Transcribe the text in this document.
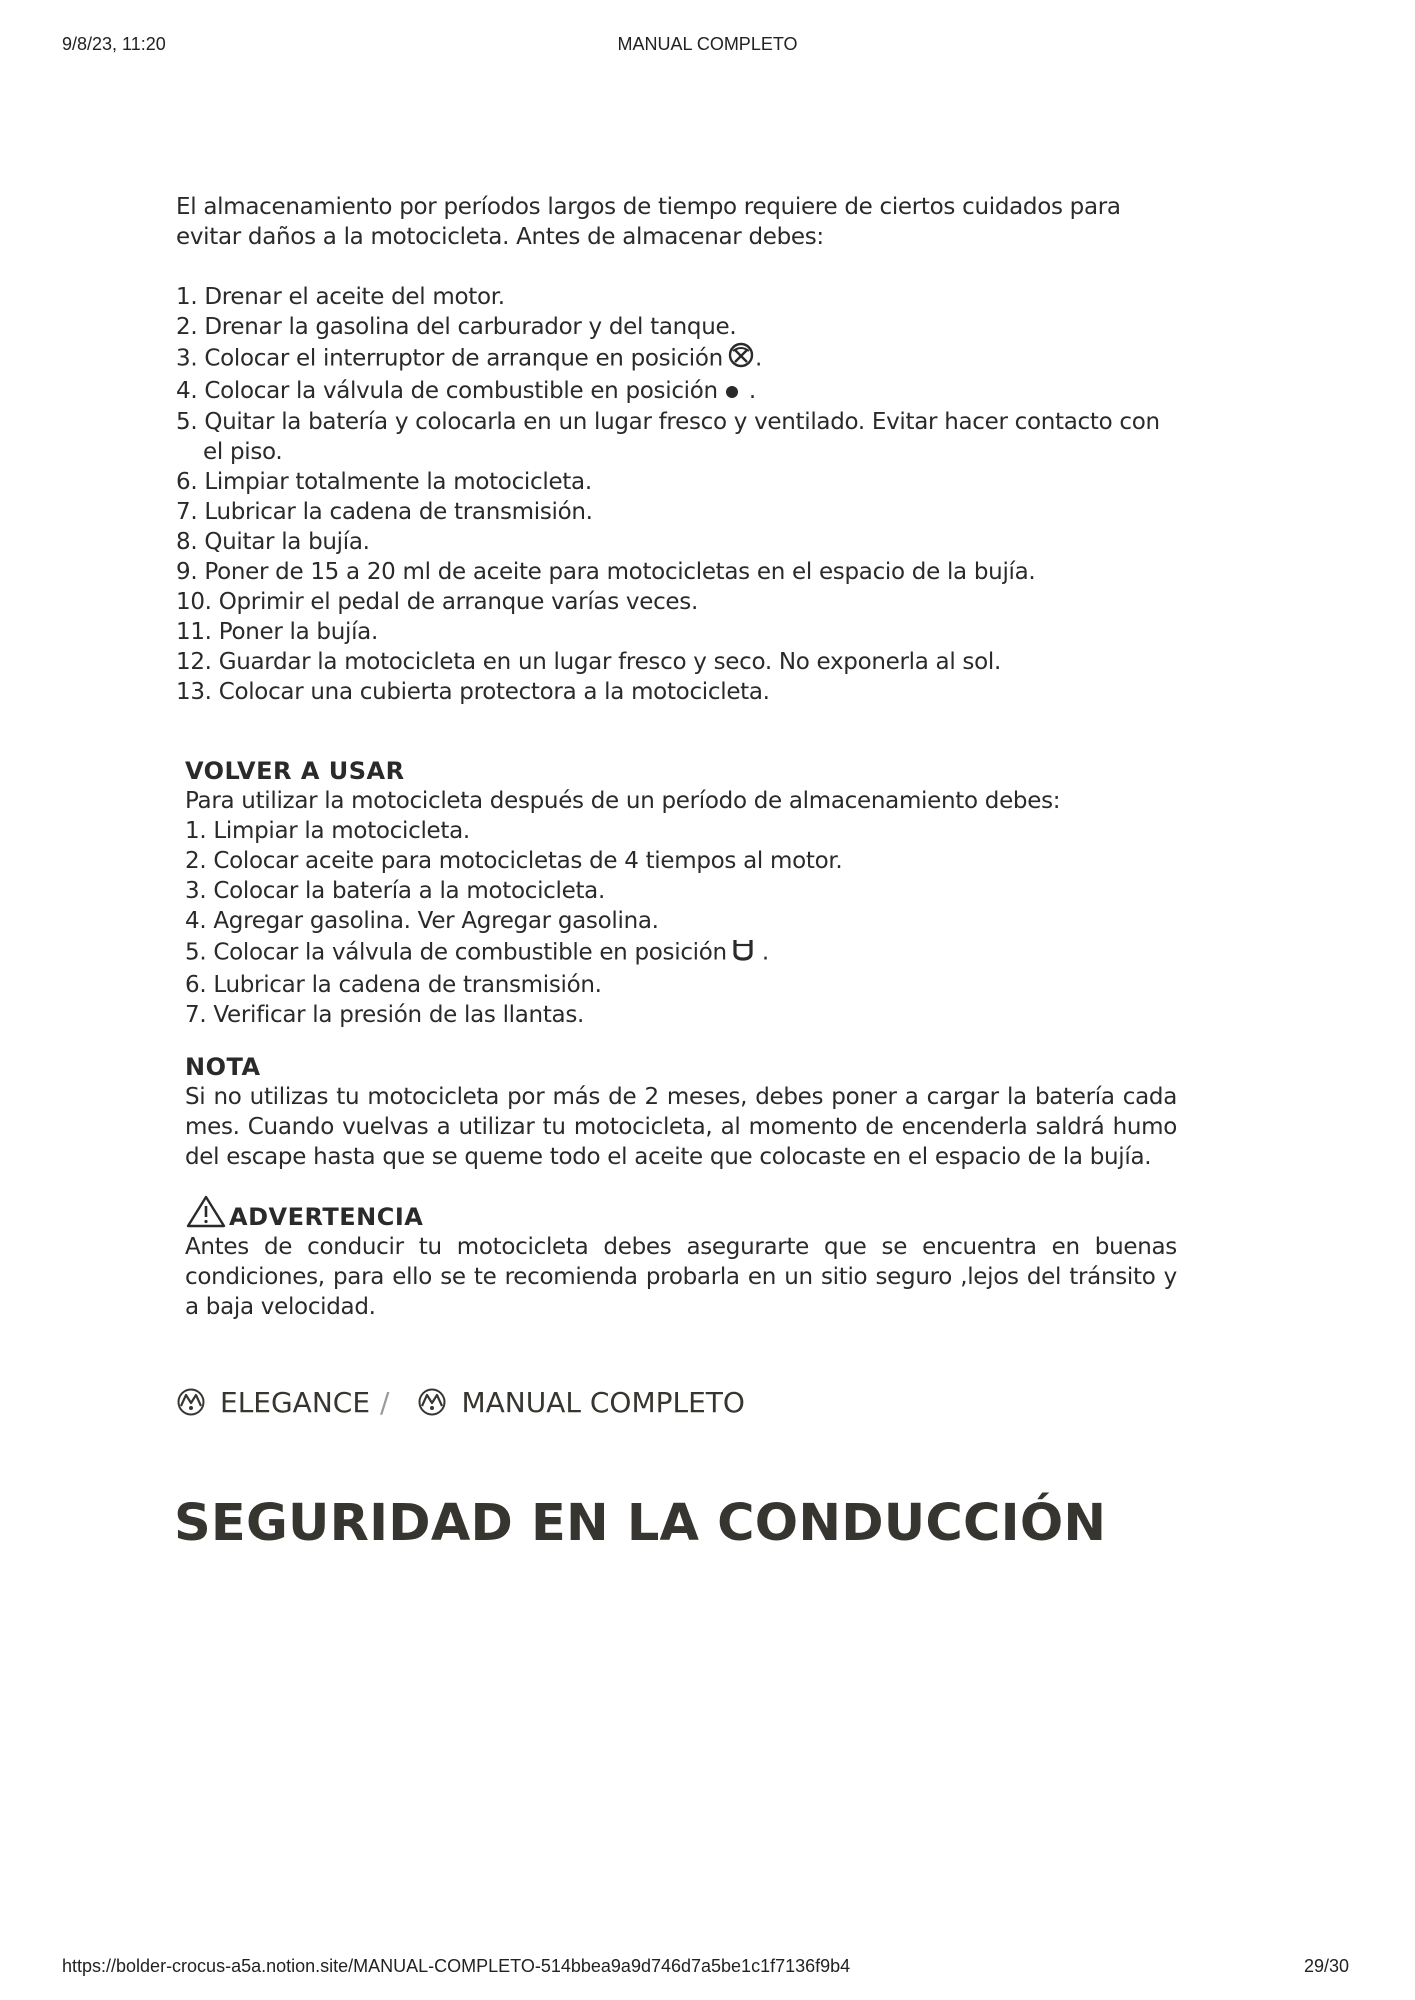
9/8/23, 11:20	MANUAL COMPLETO

El almacenamiento por períodos largos de tiempo requiere de ciertos cuidados para evitar daños a la motocicleta. Antes de almacenar debes:

1. Drenar el aceite del motor.
2. Drenar la gasolina del carburador y del tanque.
3. Colocar el interruptor de arranque en posición .
4. Colocar la válvula de combustible en posición .
5. Quitar la batería y colocarla en un lugar fresco y ventilado. Evitar hacer contacto con el piso.
6. Limpiar totalmente la motocicleta.
7. Lubricar la cadena de transmisión.
8. Quitar la bujía.
9. Poner de 15 a 20 ml de aceite para motocicletas en el espacio de la bujía.
10. Oprimir el pedal de arranque varías veces.
11. Poner la bujía.
12. Guardar la motocicleta en un lugar fresco y seco. No exponerla al sol.
13. Colocar una cubierta protectora a la motocicleta.
VOLVER A USAR

Para utilizar la motocicleta después de un período de almacenamiento debes:

1. Limpiar la motocicleta.
2. Colocar aceite para motocicletas de 4 tiempos al motor.
3. Colocar la batería a la motocicleta.
4. Agregar gasolina. Ver Agregar gasolina.
5. Colocar la válvula de combustible en posición .
6. Lubricar la cadena de transmisión.
7. Verificar la presión de las llantas.
NOTA

Si no utilizas tu motocicleta por más de 2 meses, debes poner a cargar la batería cada mes. Cuando vuelvas a utilizar tu motocicleta, al momento de encenderla saldrá humo del escape hasta que se queme todo el aceite que colocaste en el espacio de la bujía.

ADVERTENCIA

Antes de conducir tu motocicleta debes asegurarte que se encuentra en buenas condiciones, para ello se te recomienda probarla en un sitio seguro ,lejos del tránsito y a baja velocidad.

ELEGANCE /	MANUAL COMPLETO
SEGURIDAD EN LA CONDUCCIÓN
https://bolder-crocus-a5a.notion.site/MANUAL-COMPLETO-514bbea9a9d746d7a5be1c1f7136f9b4	29/30
